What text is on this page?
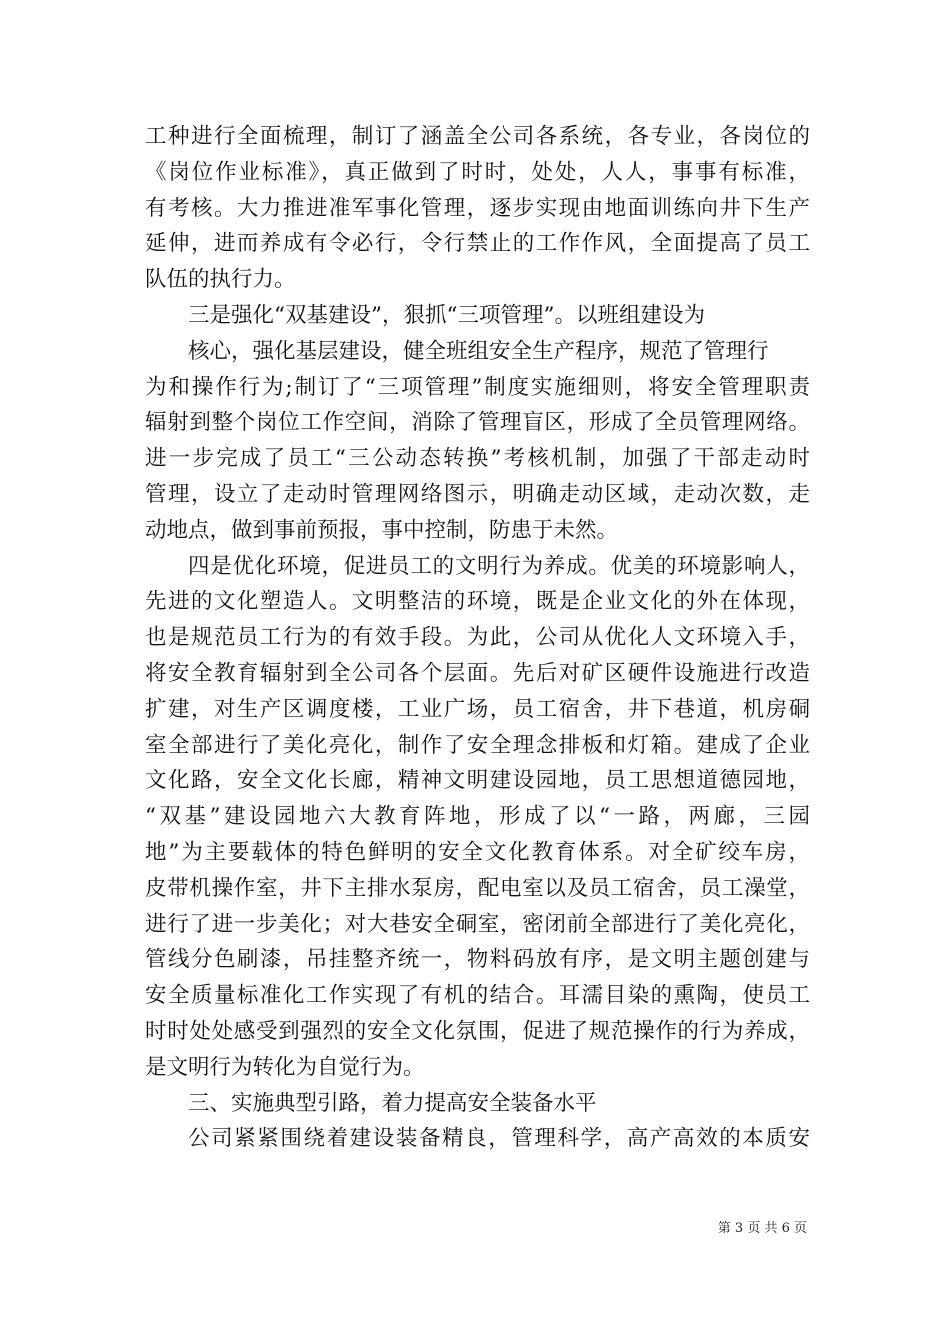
工种进行全面梳理，制订了涵盖全公司各系统，各专业，各岗位的
《岗位作业标准》，真正做到了时时，处处，人人，事事有标准，
有考核。大力推进准军事化管理，逐步实现由地面训练向井下生产
延伸，进而养成有令必行，令行禁止的工作作风，全面提高了员工
队伍的执行力。
三是强化“双基建设”，狠抓“三项管理”。以班组建设为
核心，强化基层建设，健全班组安全生产程序，规范了管理行
为和操作行为;制订了“三项管理”制度实施细则，将安全管理职责
辐射到整个岗位工作空间，消除了管理盲区，形成了全员管理网络。
进一步完成了员工“三公动态转换”考核机制，加强了干部走动时
管理，设立了走动时管理网络图示，明确走动区域，走动次数，走
动地点，做到事前预报，事中控制，防患于未然。
四是优化环境，促进员工的文明行为养成。优美的环境影响人，
先进的文化塑造人。文明整洁的环境，既是企业文化的外在体现，
也是规范员工行为的有效手段。为此，公司从优化人文环境入手，
将安全教育辐射到全公司各个层面。先后对矿区硬件设施进行改造
扩建，对生产区调度楼，工业广场，员工宿舍，井下巷道，机房硐
室全部进行了美化亮化，制作了安全理念排板和灯箱。建成了企业
文化路，安全文化长廊，精神文明建设园地，员工思想道德园地，
“双基”建设园地六大教育阵地，形成了以“一路，两廊，三园
地”为主要载体的特色鲜明的安全文化教育体系。对全矿绞车房，
皮带机操作室，井下主排水泵房，配电室以及员工宿舍，员工澡堂，
进行了进一步美化；对大巷安全硐室，密闭前全部进行了美化亮化，
管线分色刷漆，吊挂整齐统一，物料码放有序，是文明主题创建与
安全质量标准化工作实现了有机的结合。耳濡目染的熏陶，使员工
时时处处感受到强烈的安全文化氛围，促进了规范操作的行为养成，
是文明行为转化为自觉行为。
三、实施典型引路，着力提高安全装备水平
公司紧紧围绕着建设装备精良，管理科学，高产高效的本质安
第 3 页 共 6 页
